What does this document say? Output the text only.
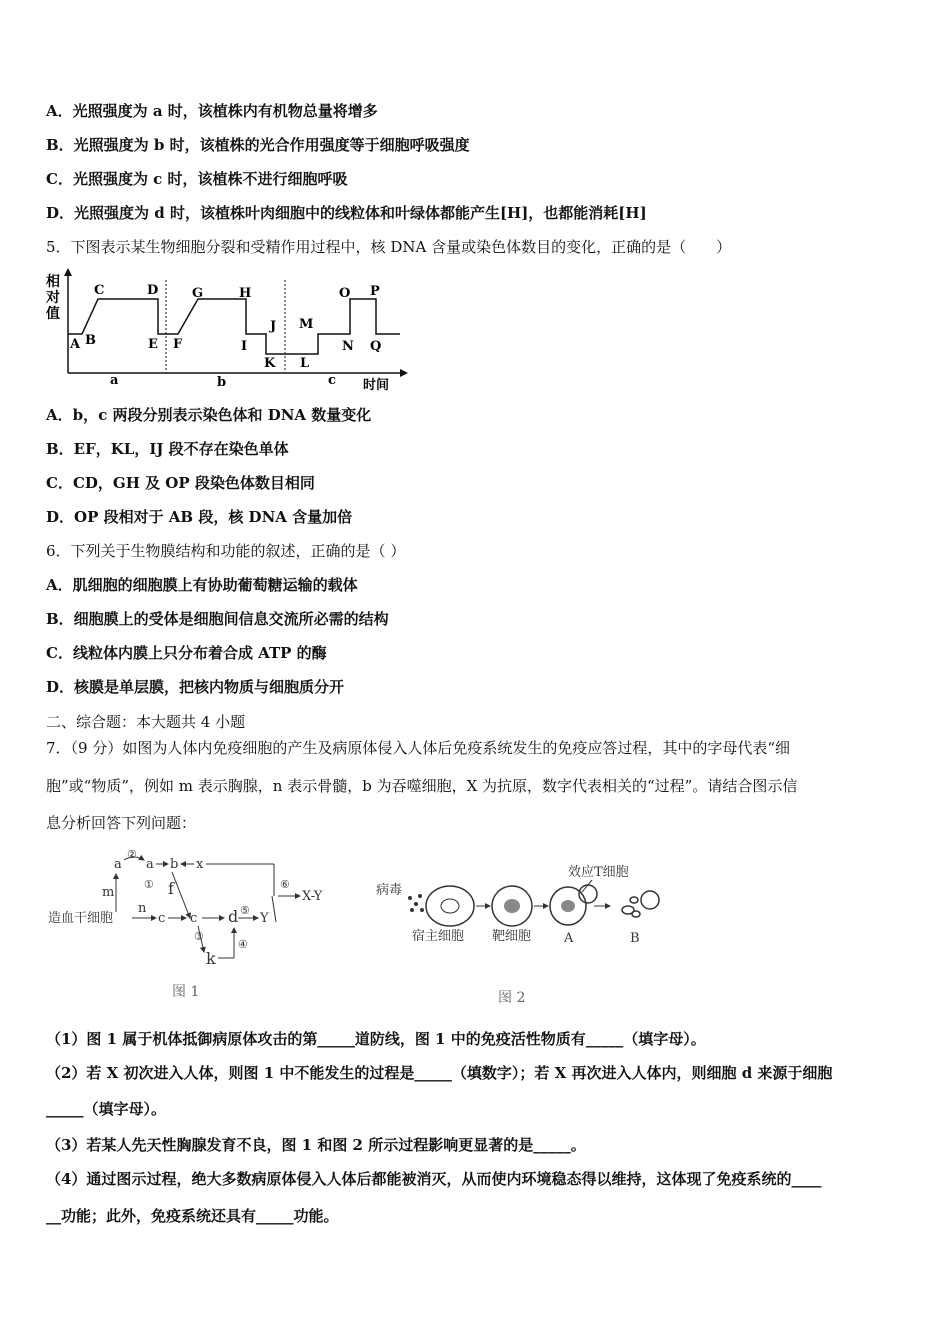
A．光照强度为 a 时，该植株内有机物总量将增多
B．光照强度为 b 时，该植株的光合作用强度等于细胞呼吸强度
C．光照强度为 c 时，该植株不进行细胞呼吸
D．光照强度为 d 时，该植株叶肉细胞中的线粒体和叶绿体都能产生[H]，也都能消耗[H]
5．下图表示某生物细胞分裂和受精作用过程中，核 DNA 含量或染色体数目的变化，正确的是（　　）
相
对
值
A B
C	D
E F
G	H
I
J
K L
M
N
O P
Q
a	b	c 时间
A．b，c 两段分别表示染色体和 DNA 数量变化
B．EF，KL，IJ 段不存在染色单体
C．CD，GH 及 OP 段染色体数目相同
D．OP 段相对于 AB 段，核 DNA 含量加倍
6．下列关于生物膜结构和功能的叙述，正确的是（ ）
A．肌细胞的细胞膜上有协助葡萄糖运输的载体
B．细胞膜上的受体是细胞间信息交流所必需的结构
C．线粒体内膜上只分布着合成 ATP 的酶
D．核膜是单层膜，把核内物质与细胞质分开
二、综合题：本大题共 4 小题
7．（9 分）如图为人体内免疫细胞的产生及病原体侵入人体后免疫系统发生的免疫应答过程，其中的字母代表“细
胞”或“物质”，例如 m 表示胸腺，n 表示骨髓，b 为吞噬细胞，X 为抗原，数字代表相关的“过程”。请结合图示信
息分析回答下列问题：
a
②
a b x
m
① f
造血干细胞
n
c c d ⑤
Y
⑥
X-Y
③
k
④
图 1
效应T细胞
病毒
宿主细胞 靶细胞	A	B
图 2
（1）图 1 属于机体抵御病原体攻击的第_____道防线，图 1 中的免疫活性物质有_____（填字母）。
（2）若 X 初次进入人体，则图 1 中不能发生的过程是_____（填数字）；若 X 再次进入人体内，则细胞 d 来源于细胞
_____（填字母）。
（3）若某人先天性胸腺发育不良，图 1 和图 2 所示过程影响更显著的是_____。
（4）通过图示过程，绝大多数病原体侵入人体后都能被消灭，从而使内环境稳态得以维持，这体现了免疫系统的____
__功能；此外，免疫系统还具有_____功能。
